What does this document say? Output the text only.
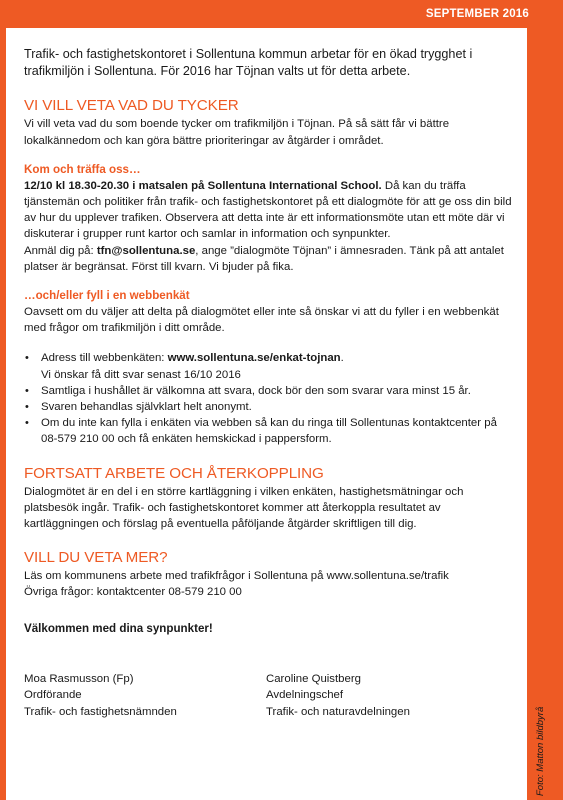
SEPTEMBER 2016

Trafik- och fastighetskontoret i Sollentuna kommun arbetar för en ökad trygghet i trafikmiljön i Sollentuna. För 2016 har Töjnan valts ut för detta arbete.

VI VILL VETA VAD DU TYCKER

Vi vill veta vad du som boende tycker om trafikmiljön i Töjnan. På så sätt får vi bättre lokalkännedom och kan göra bättre prioriteringar av åtgärder i området.

Kom och träffa oss…

12/10 kl 18.30-20.30 i matsalen på Sollentuna International School. Då kan du träffa tjänstemän och politiker från trafik- och fastighetskontoret på ett dialogmöte för att ge oss din bild av hur du upplever trafiken. Observera att detta inte är ett informationsmöte utan ett möte där vi diskuterar i grupper runt kartor och samlar in information och synpunkter.

Anmäl dig på: tfn@sollentuna.se, ange ”dialogmöte Töjnan” i ämnesraden. Tänk på att antalet platser är begränsat. Först till kvarn. Vi bjuder på fika.

…och/eller fyll i en webbenkät

Oavsett om du väljer att delta på dialogmötet eller inte så önskar vi att du fyller i en webbenkät med frågor om trafikmiljön i ditt område.

• Adress till webbenkäten: www.sollentuna.se/enkat-tojnan.
Vi önskar få ditt svar senast 16/10 2016
• Samtliga i hushållet är välkomna att svara, dock bör den som svarar vara minst 15 år.
• Svaren behandlas självklart helt anonymt.
• Om du inte kan fylla i enkäten via webben så kan du ringa till Sollentunas kontaktcenter på 08-579 210 00 och få enkäten hemskickad i pappersform.
FORTSATT ARBETE OCH ÅTERKOPPLING

Dialogmötet är en del i en större kartläggning i vilken enkäten, hastighetsmätningar och platsbesök ingår. Trafik- och fastighetskontoret kommer att återkoppla resultatet av kartläggningen och förslag på eventuella påföljande åtgärder skriftligen till dig.

VILL DU VETA MER?

Läs om kommunens arbete med trafikfrågor i Sollentuna på www.sollentuna.se/trafik

Övriga frågor: kontaktcenter 08-579 210 00

Välkommen med dina synpunkter!

Moa Rasmusson (Fp)

Ordförande

Trafik- och fastighetsnämnden

Caroline Quistberg

Avdelningschef

Trafik- och naturavdelningen	Foto: Matton bildbyrå
